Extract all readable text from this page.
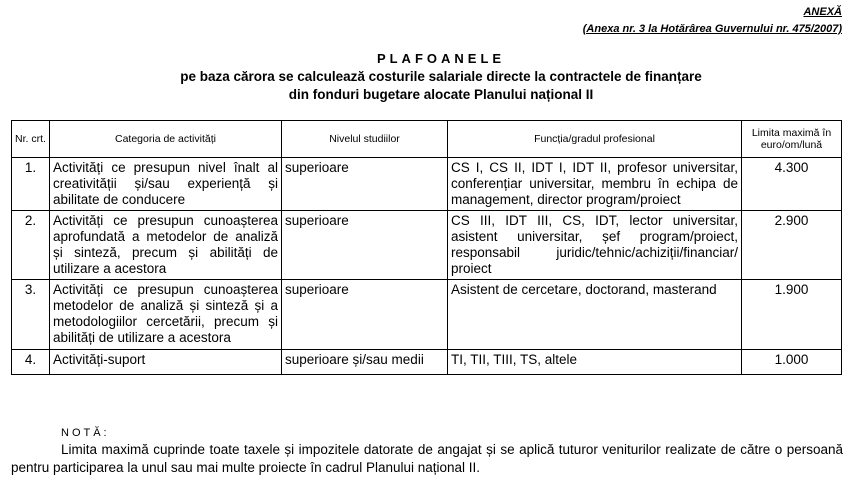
ANEXĂ
(Anexa nr. 3 la Hotărârea Guvernului nr. 475/2007)
PLAFOANELE
pe baza cărora se calculează costurile salariale directe la contractele de finanțare
din fonduri bugetare alocate Planului național II
Nr. crt.	Categoria de activități	Nivelul studiilor	Funcția/gradul profesional	Limita maximă în euro/om/lună
1.	Activități ce presupun nivel înalt al creativității și/sau experiență și abilitate de conducere	superioare	CS I, CS II, IDT I, IDT II, profesor universitar, conferențiar universitar, membru în echipa de management, director program/proiect	4.300
2.	Activități ce presupun cunoașterea aprofundată a metodelor de analiză și sinteză, precum și abilități de utilizare a acestora	superioare	CS III, IDT III, CS, IDT, lector universitar, asistent universitar, șef program/proiect, responsabil juridic/tehnic/achiziții/financiar/ proiect	2.900
3.	Activități ce presupun cunoașterea metodelor de analiză și sinteză și a metodologiilor cercetării, precum și abilități de utilizare a acestora	superioare	Asistent de cercetare, doctorand, masterand	1.900
4.	Activități-suport	superioare și/sau medii	TI, TII, TIII, TS, altele	1.000
NOTĂ:
Limita maximă cuprinde toate taxele și impozitele datorate de angajat și se aplică tuturor veniturilor realizate de către o persoană pentru participarea la unul sau mai multe proiecte în cadrul Planului național II.
